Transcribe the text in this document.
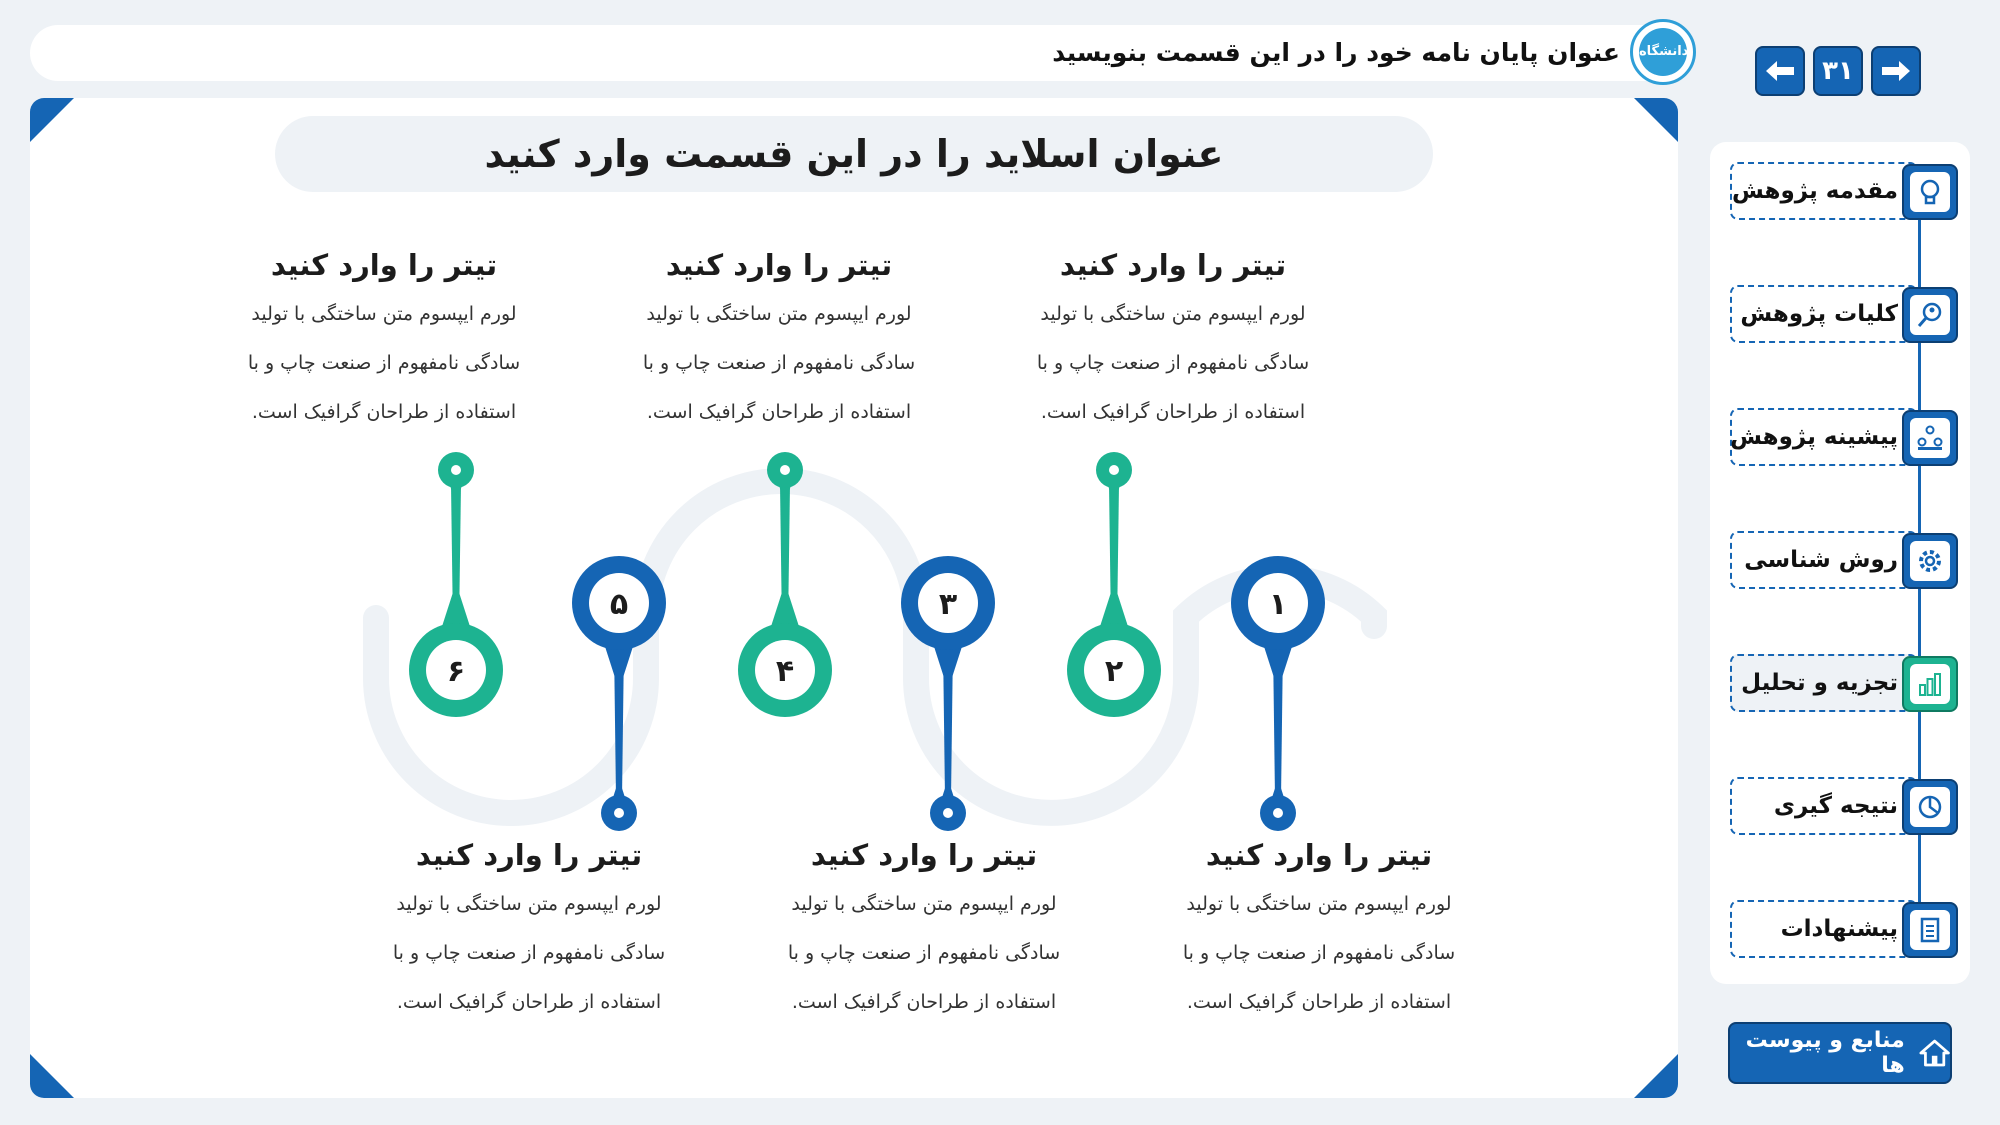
عنوان پایان نامه خود را در این قسمت بنویسید دانشگاه
۳۱
عنوان اسلاید را در این قسمت وارد کنید
۱
۲
۳
۴
۵
۶
تیتر را وارد کنید

لورم ایپسوم متن ساختگی با تولید سادگی نامفهوم از صنعت چاپ و با استفاده از طراحان گرافیک است.

تیتر را وارد کنید

لورم ایپسوم متن ساختگی با تولید سادگی نامفهوم از صنعت چاپ و با استفاده از طراحان گرافیک است.

تیتر را وارد کنید

لورم ایپسوم متن ساختگی با تولید سادگی نامفهوم از صنعت چاپ و با استفاده از طراحان گرافیک است.

تیتر را وارد کنید

لورم ایپسوم متن ساختگی با تولید سادگی نامفهوم از صنعت چاپ و با استفاده از طراحان گرافیک است.

تیتر را وارد کنید

لورم ایپسوم متن ساختگی با تولید سادگی نامفهوم از صنعت چاپ و با استفاده از طراحان گرافیک است.

تیتر را وارد کنید

لورم ایپسوم متن ساختگی با تولید سادگی نامفهوم از صنعت چاپ و با استفاده از طراحان گرافیک است.

مقدمه پژوهش
کلیات پژوهش
پیشینه پژوهش
روش شناسی
تجزیه و تحلیل
نتیجه گیری
پیشنهادات
منابع و پیوست ها
